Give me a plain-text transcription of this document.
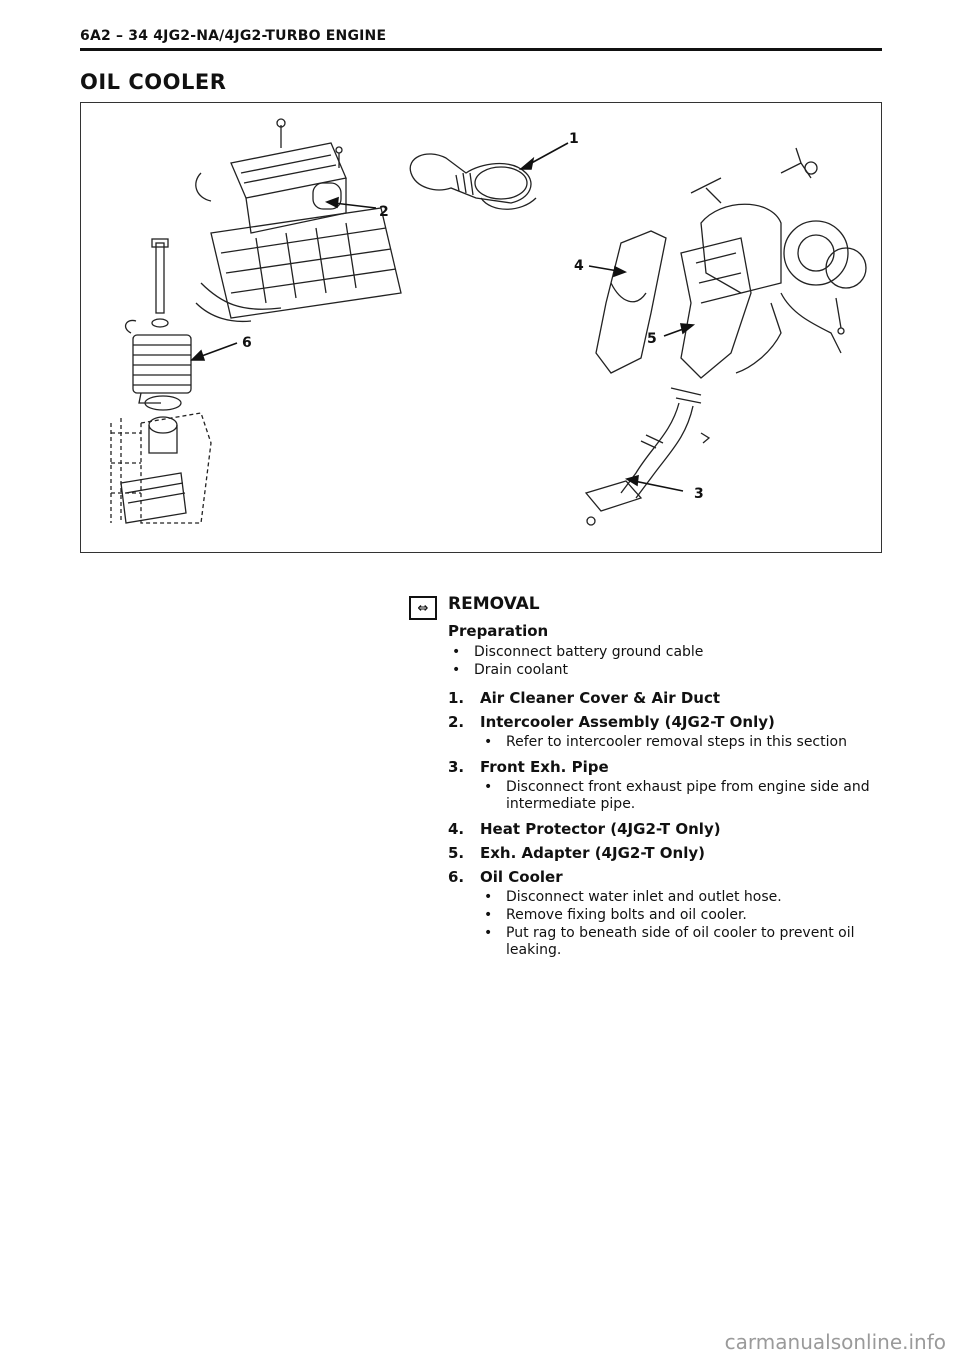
6A2 – 34 4JG2-NA/4JG2-TURBO ENGINE
OIL COOLER
1
2
3
4
5
6
⇔	REMOVAL
Preparation
• Disconnect battery ground cable
• Drain coolant
1.	Air Cleaner Cover & Air Duct
2.	Intercooler Assembly (4JG2-T Only)
• Refer to intercooler removal steps in this section
3.	Front Exh. Pipe
• Disconnect front exhaust pipe from engine side and intermediate pipe.
4.	Heat Protector (4JG2-T Only)
5.	Exh. Adapter (4JG2-T Only)
6.	Oil Cooler
• Disconnect water inlet and outlet hose.
• Remove fixing bolts and oil cooler.
• Put rag to beneath side of oil cooler to prevent oil leaking.
carmanualsonline.info
